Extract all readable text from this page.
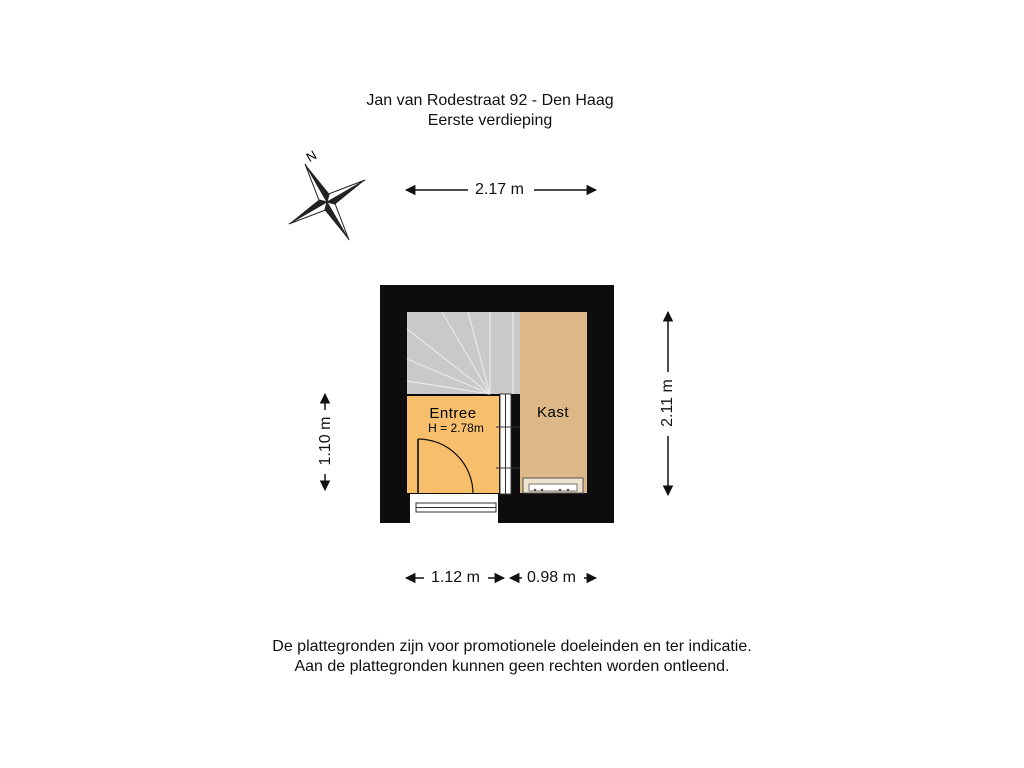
Jan van Rodestraat 92 - Den Haag
Eerste verdieping
N
2.17 m
2.11 m
1.10 m
1.12 m	0.98 m
Entree
H = 2.78m
Kast
De plattegronden zijn voor promotionele doeleinden en ter indicatie.
Aan de plattegronden kunnen geen rechten worden ontleend.
